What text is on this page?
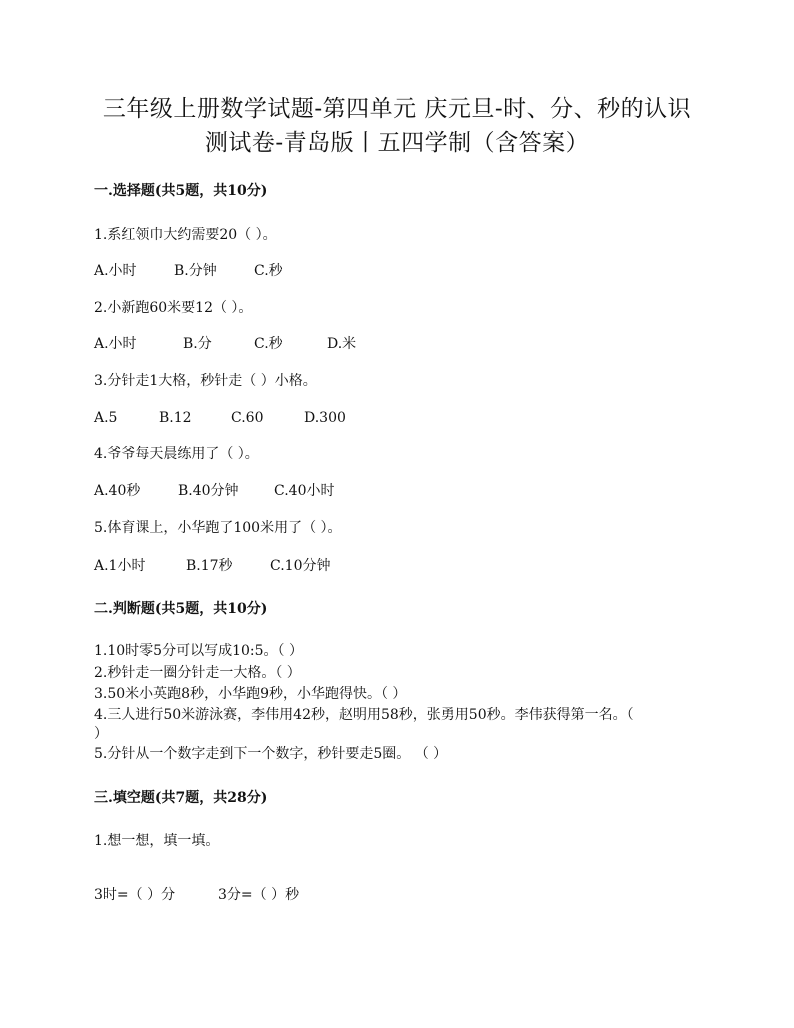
三年级上册数学试题-第四单元 庆元旦-时、分、秒的认识
测试卷-青岛版丨五四学制（含答案）
一.选择题(共5题，共10分)
1.系红领巾大约需要20（ ）。
A.小时	B.分钟	C.秒
2.小新跑60米要12（ ）。
A.小时	B.分	C.秒	D.米
3.分针走1大格，秒针走（ ）小格。
A.5	B.12	C.60	D.300
4.爷爷每天晨练用了（ ）。
A.40秒	B.40分钟	C.40小时
5.体育课上，小华跑了100米用了（ ）。
A.1小时	B.17秒	C.10分钟
二.判断题(共5题，共10分)
1.10时零5分可以写成10:5。（ ）
2.秒针走一圈分针走一大格。（ ）
3.50米小英跑8秒，小华跑9秒，小华跑得快。（ ）
4.三人进行50米游泳赛，李伟用42秒，赵明用58秒，张勇用50秒。李伟获得第一名。（
）
5.分针从一个数字走到下一个数字，秒针要走5圈。 （ ）
三.填空题(共7题，共28分)
1.想一想，填一填。
3时=（ ）分	3分=（ ）秒
